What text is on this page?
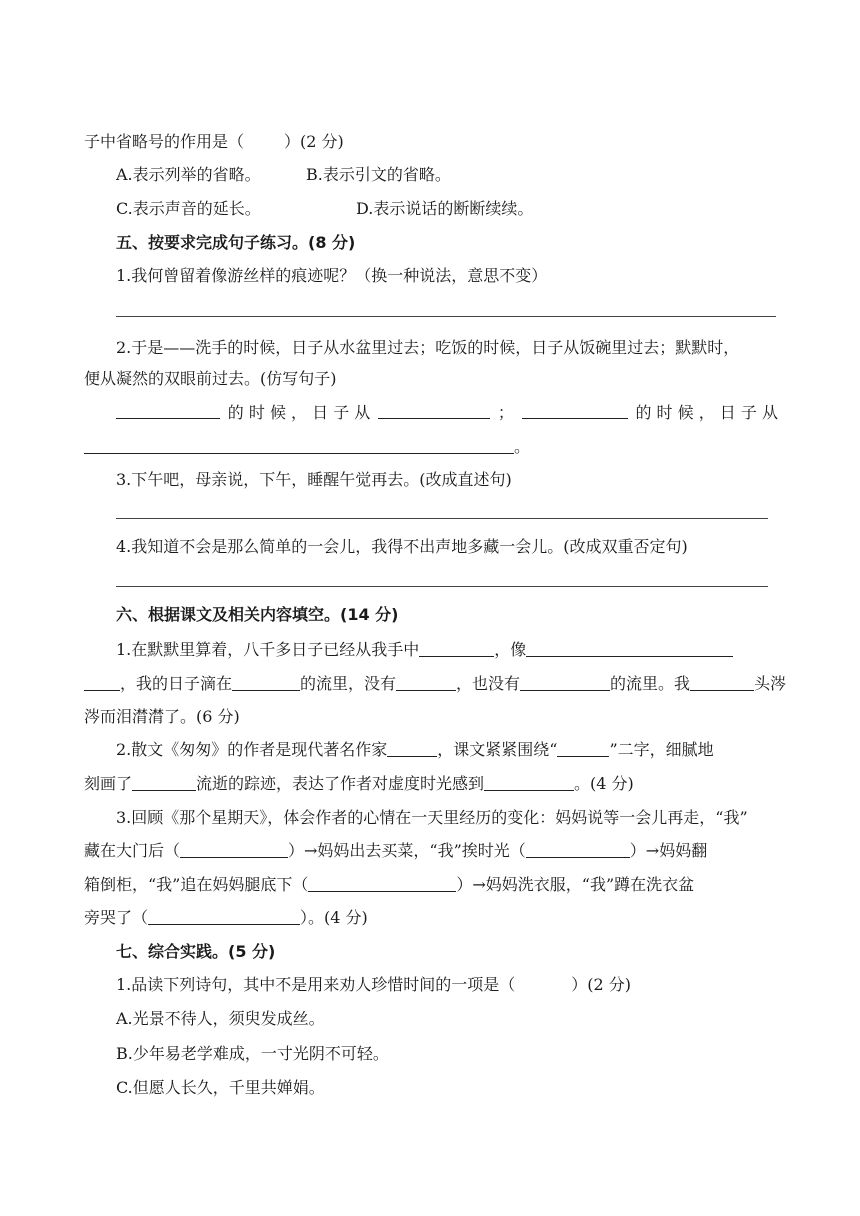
子中省略号的作用是（	）(2 分)
A.表示列举的省略。	B.表示引文的省略。
C.表示声音的延长。	D.表示说话的断断续续。
五、按要求完成句子练习。(8 分)
1.我何曾留着像游丝样的痕迹呢？（换一种说法，意思不变）
2.于是——洗手的时候，日子从水盆里过去；吃饭的时候，日子从饭碗里过去；默默时，
便从凝然的双眼前过去。(仿写句子)
的 时 候 ， 日 子 从	；	的 时 候 ， 日 子 从
。
3.下午吧，母亲说，下午，睡醒午觉再去。(改成直述句)
4.我知道不会是那么简单的一会儿，我得不出声地多藏一会儿。(改成双重否定句)
六、根据课文及相关内容填空。(14 分)
1.在默默里算着，八千多日子已经从我手中	，像
，我的日子滴在	的流里，没有	，也没有	的流里。我	头涔
涔而泪潸潸了。(6 分)
2.散文《匆匆》的作者是现代著名作家	，课文紧紧围绕“	”二字，细腻地
刻画了	流逝的踪迹，表达了作者对虚度时光感到	。(4 分)
3.回顾《那个星期天》，体会作者的心情在一天里经历的变化：妈妈说等一会儿再走，“我”
藏在大门后（	）→妈妈出去买菜，“我”挨时光（	）→妈妈翻
箱倒柜，“我”追在妈妈腿底下（	）→妈妈洗衣服，“我”蹲在洗衣盆
旁哭了（	）。(4 分)
七、综合实践。(5 分)
1.品读下列诗句，其中不是用来劝人珍惜时间的一项是（	）(2 分)
A.光景不待人，须臾发成丝。
B.少年易老学难成，一寸光阴不可轻。
C.但愿人长久，千里共婵娟。
